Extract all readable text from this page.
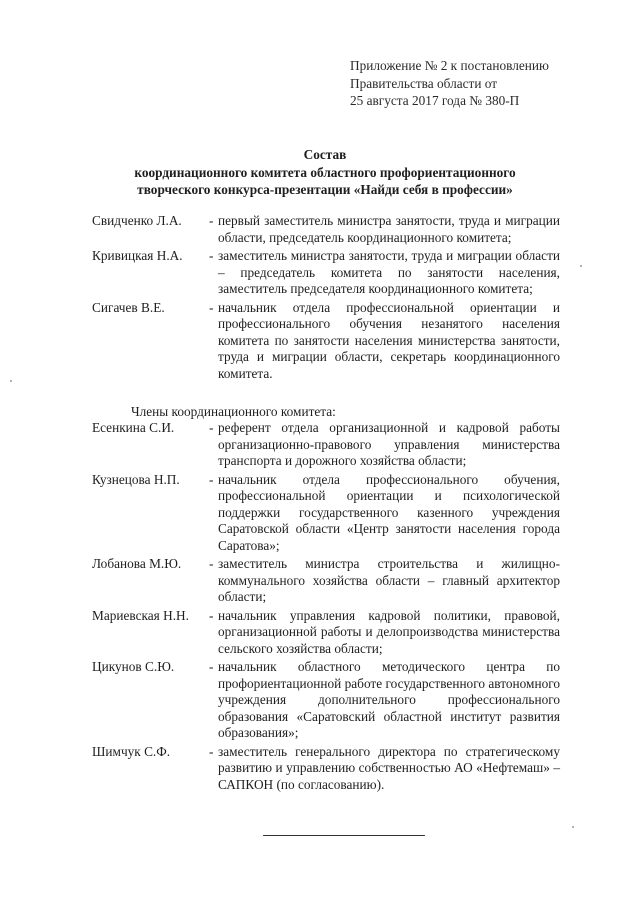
Приложение № 2 к постановлению
Правительства области от
25 августа 2017 года № 380-П
Состав
координационного комитета областного профориентационного
творческого конкурса-презентации «Найди себя в профессии»
Свидченко Л.А.	- первый заместитель министра занятости, труда и миграции области, председатель координационного комитета;
Кривицкая Н.А.	- заместитель министра занятости, труда и миграции области – председатель комитета по занятости населения, заместитель председателя координационного комитета;
Сигачев В.Е.	- начальник отдела профессиональной ориентации и профессионального обучения незанятого населения комитета по занятости населения министерства занятости, труда и миграции области, секретарь координационного комитета.
Члены координационного комитета:
Есенкина С.И.	- референт отдела организационной и кадровой работы организационно-правового управления министерства транспорта и дорожного хозяйства области;
Кузнецова Н.П.	- начальник отдела профессионального обучения, профессиональной ориентации и психологической поддержки государственного казенного учреждения Саратовской области «Центр занятости населения города Саратова»;
Лобанова М.Ю.	- заместитель министра строительства и жилищно-коммунального хозяйства области – главный архитектор области;
Мариевская Н.Н.	- начальник управления кадровой политики, правовой, организационной работы и делопроизводства министерства сельского хозяйства области;
Цикунов С.Ю.	- начальник областного методического центра по профориентационной работе государственного автономного учреждения дополнительного профессионального образования «Саратовский областной институт развития образования»;
Шимчук С.Ф.	- заместитель генерального директора по стратегическому развитию и управлению собственностью АО «Нефтемаш» – САПКОН (по согласованию).
